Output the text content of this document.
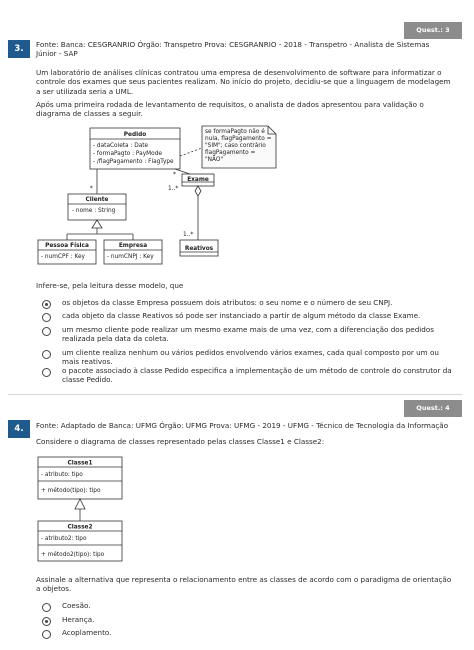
Quest.: 3
3.	Fonte: Banca: CESGRANRIO Órgão: Transpetro Prova: CESGRANRIO - 2018 - Transpetro - Analista de Sistemas
Júnior - SAP
Um laboratório de análises clínicas contratou uma empresa de desenvolvimento de software para informatizar o
controle dos exames que seus pacientes realizam. No início do projeto, decidiu-se que a linguagem de modelagem
a ser utilizada seria a UML.
Após uma primeira rodada de levantamento de requisitos, o analista de dados apresentou para validação o
diagrama de classes a seguir.
Pedido
- dataColeta : Date
- formaPagto : PayMode
- /flagPagamento : FlagType
se formaPagto não é
nula, flagPagamento =
"SIM"; caso contrário
flagPagamento =
"NÃO"
Exame
Cliente
- nome : String
Pessoa Física
- numCPF : Key
Empresa
- numCNPJ : Key
Reativos
*
*
1..*
1..*
Infere-se, pela leitura desse modelo, que
os objetos da classe Empresa possuem dois atributos: o seu nome e o número de seu CNPJ.
cada objeto da classe Reativos só pode ser instanciado a partir de algum método da classe Exame.
um mesmo cliente pode realizar um mesmo exame mais de uma vez, com a diferenciação dos pedidos
realizada pela data da coleta.
um cliente realiza nenhum ou vários pedidos envolvendo vários exames, cada qual composto por um ou
mais reativos.
o pacote associado à classe Pedido especifica a implementação de um método de controle do construtor da
classe Pedido.
Quest.: 4
4.	Fonte: Adaptado de Banca: UFMG Órgão: UFMG Prova: UFMG - 2019 - UFMG - Técnico de Tecnologia da Informação
Considere o diagrama de classes representado pelas classes Classe1 e Classe2:
Classe1
- atributo: tipo
+ método(tipo): tipo
Classe2
- atributo2: tipo
+ método2(tipo): tipo
Assinale a alternativa que representa o relacionamento entre as classes de acordo com o paradigma de orientação
a objetos.
Coesão.
Herança.
Acoplamento.
